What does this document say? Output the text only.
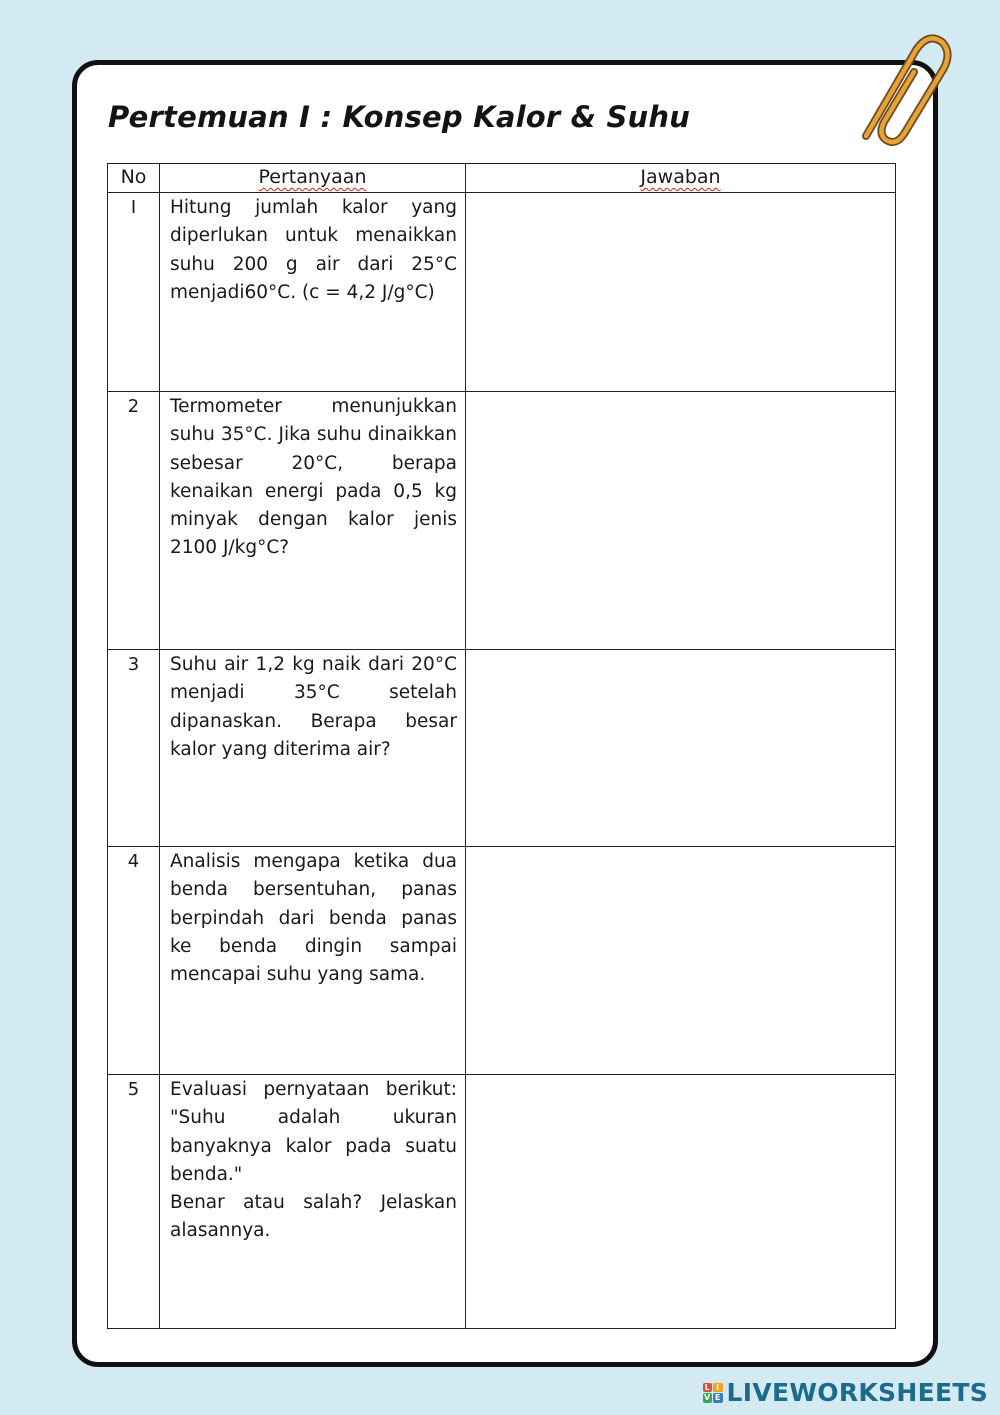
Pertemuan I : Konsep Kalor & Suhu
No	Pertanyaan	Jawaban
I	Hitung jumlah kalor yang diperlukan untuk menaikkan suhu 200 g air dari 25°C menjadi60°C. (c = 4,2 J/g°C)	
2	Termometer menunjukkan suhu 35°C. Jika suhu dinaikkan sebesar 20°C, berapa kenaikan energi pada 0,5 kg minyak dengan kalor jenis 2100 J/kg°C?	
3	Suhu air 1,2 kg naik dari 20°C menjadi 35°C setelah dipanaskan. Berapa besar kalor yang diterima air?	
4	Analisis mengapa ketika dua benda bersentuhan, panas berpindah dari benda panas ke benda dingin sampai mencapai suhu yang sama.	
5	Evaluasi pernyataan berikut: "Suhu adalah ukuran banyaknya kalor pada suatu benda."
Benar atau salah? Jelaskan alasannya.	
L I
V E LIVEWORKSHEETS
